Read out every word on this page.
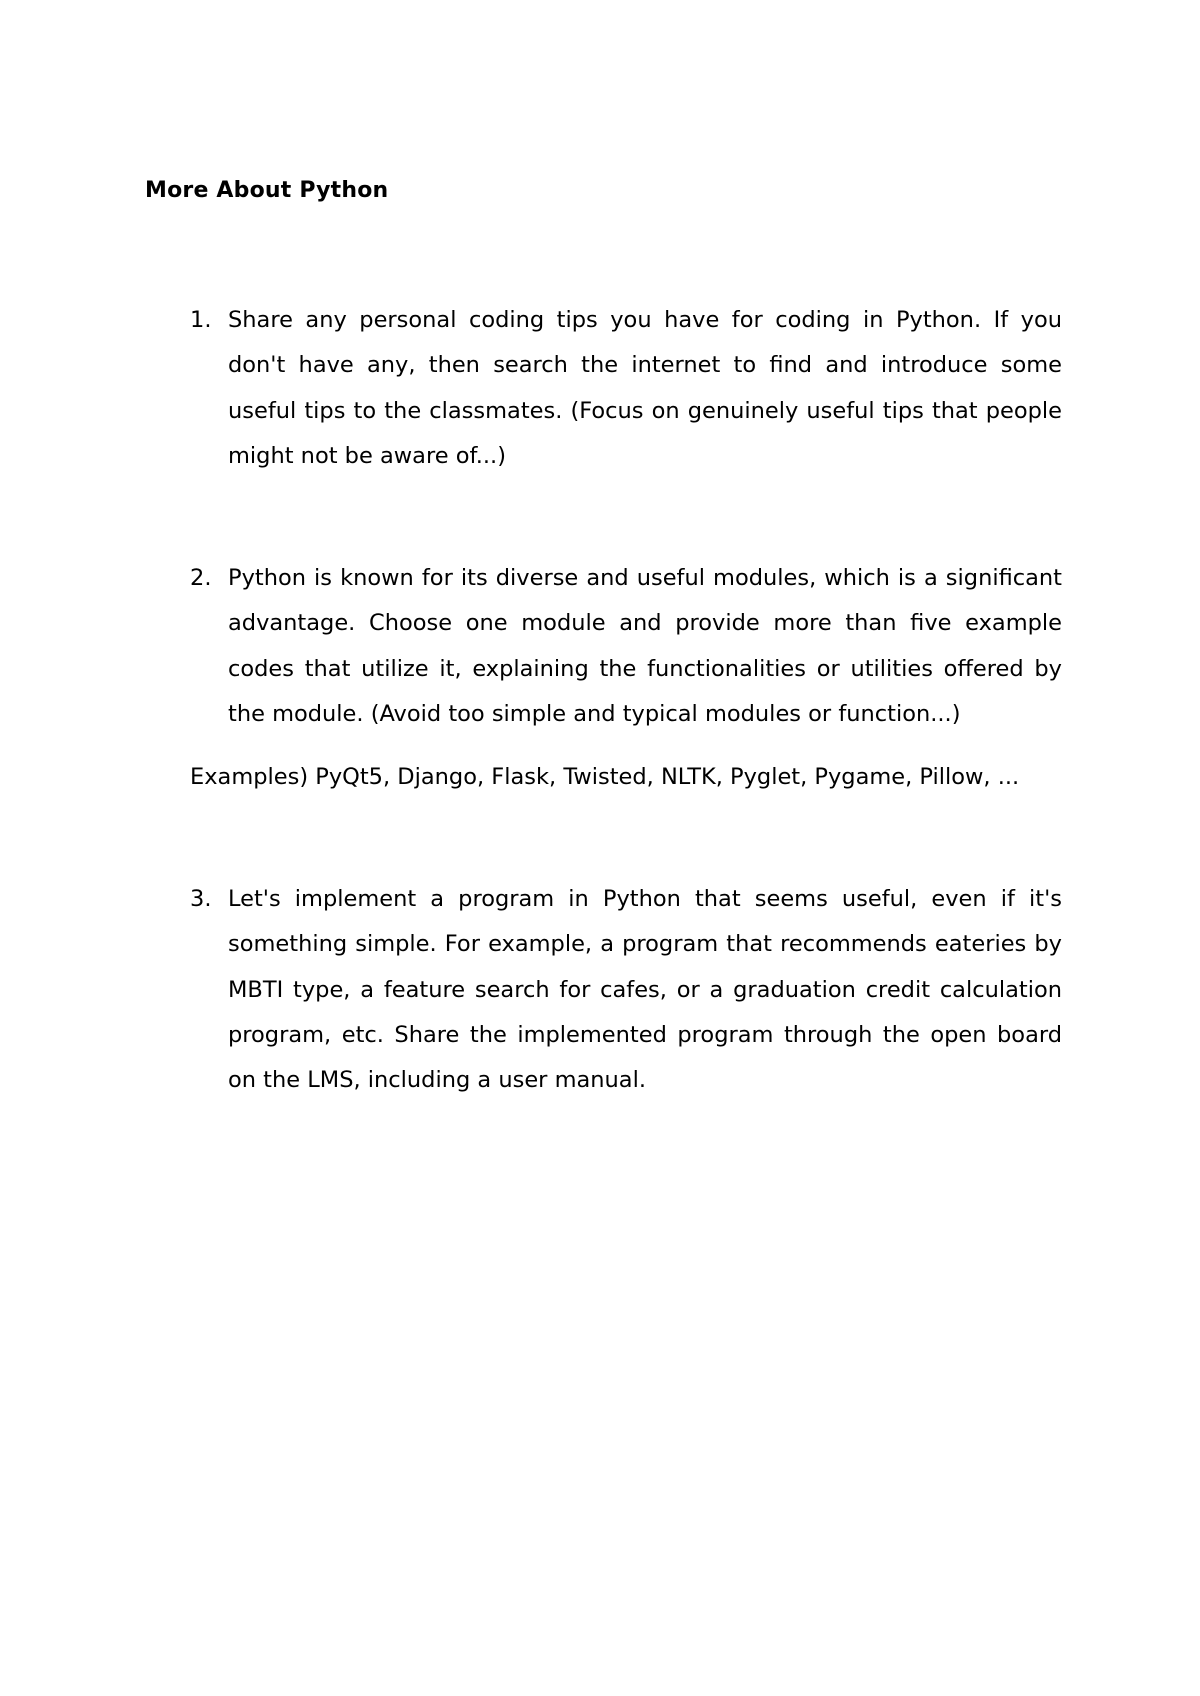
More About Python
1. Share any personal coding tips you have for coding in Python. If you don't have any, then search the internet to find and introduce some useful tips to the classmates. (Focus on genuinely useful tips that people might not be aware of...)
2. Python is known for its diverse and useful modules, which is a significant advantage. Choose one module and provide more than five example codes that utilize it, explaining the functionalities or utilities offered by the module. (Avoid too simple and typical modules or function...)
Examples) PyQt5, Django, Flask, Twisted, NLTK, Pyglet, Pygame, Pillow, ...
3. Let's implement a program in Python that seems useful, even if it's something simple. For example, a program that recommends eateries by MBTI type, a feature search for cafes, or a graduation credit calculation program, etc. Share the implemented program through the open board on the LMS, including a user manual.
